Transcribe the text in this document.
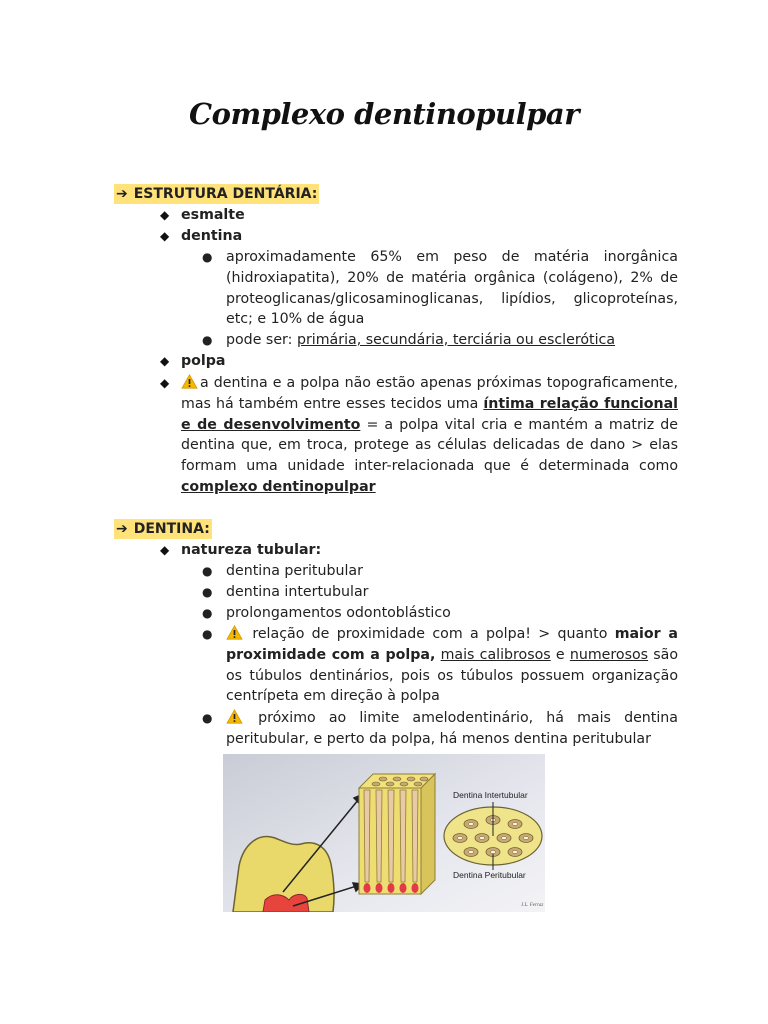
Complexo dentinopulpar
➔ ESTRUTURA DENTÁRIA:
◆ esmalte
◆ dentina
● aproximadamente 65% em peso de matéria inorgânica (hidroxiapatita), 20% de matéria orgânica (colágeno), 2% de proteoglicanas/glicosaminoglicanas, lipídios, glicoproteínas, etc; e 10% de água
● pode ser: primária, secundária, terciária ou esclerótica
◆ polpa
◆	a dentina e a polpa não estão apenas próximas topograficamente, mas há também entre esses tecidos uma íntima relação funcional e de desenvolvimento = a polpa vital cria e mantém a matriz de dentina que, em troca, protege as células delicadas de dano > elas formam uma unidade inter-relacionada que é determinada como complexo dentinopulpar
➔ DENTINA:
◆ natureza tubular:
● dentina peritubular
● dentina intertubular
● prolongamentos odontoblástico
●	relação de proximidade com a polpa! > quanto maior a proximidade com a polpa, mais calibrosos e numerosos são os túbulos dentinários, pois os túbulos possuem organização centrípeta em direção à polpa
●	próximo ao limite amelodentinário, há mais dentina peritubular, e perto da polpa, há menos dentina peritubular
Dentina Intertubular
Dentina Peritubular
J.L. Ferraz
